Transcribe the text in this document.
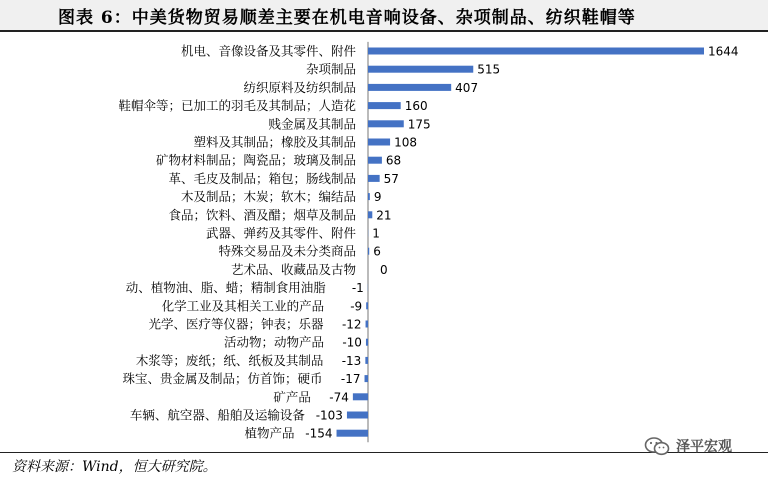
图表 6：中美货物贸易顺差主要在机电音响设备、杂项制品、纺织鞋帽等
机电、音像设备及其零件、附件	1644
杂项制品	515
纺织原料及纺织制品	407
鞋帽伞等；已加工的羽毛及其制品；人造花	160
贱金属及其制品	175
塑料及其制品；橡胶及其制品	108
矿物材料制品；陶瓷品；玻璃及制品 68
革、毛皮及制品；箱包；肠线制品 57
木及制品；木炭；软木；编结品 9
食品；饮料、酒及醋；烟草及制品 21
武器、弹药及其零件、附件 1
特殊交易品及未分类商品 6
艺术品、收藏品及古物 0
动、植物油、脂、蜡；精制食用油脂 -1
化学工业及其相关工业的产品 -9
光学、医疗等仪器；钟表；乐器 -12
活动物；动物产品 -10
木浆等；废纸；纸、纸板及其制品 -13
珠宝、贵金属及制品；仿首饰；硬币 -17
矿产品 -74
车辆、航空器、船舶及运输设备 -103
植物产品 -154
资料来源：Wind，恒大研究院。
泽平宏观
